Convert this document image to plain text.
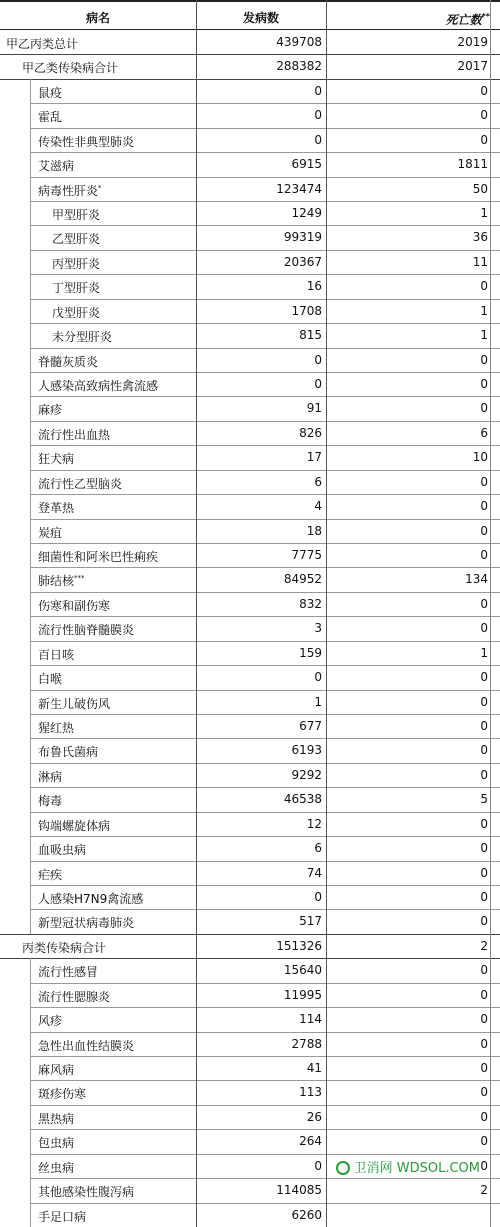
病名	发病数	死亡数**
甲乙丙类总计	439708	2019
甲乙类传染病合计	288382	2017
鼠疫	0	0
霍乱	0	0
传染性非典型肺炎	0	0
艾滋病	6915	1811
病毒性肝炎*	123474	50
甲型肝炎	1249	1
乙型肝炎	99319	36
丙型肝炎	20367	11
丁型肝炎	16	0
戊型肝炎	1708	1
未分型肝炎	815	1
脊髓灰质炎	0	0
人感染高致病性禽流感	0	0
麻疹	91	0
流行性出血热	826	6
狂犬病	17	10
流行性乙型脑炎	6	0
登革热	4	0
炭疽	18	0
细菌性和阿米巴性痢疾	7775	0
肺结核***	84952	134
伤寒和副伤寒	832	0
流行性脑脊髓膜炎	3	0
百日咳	159	1
白喉	0	0
新生儿破伤风	1	0
猩红热	677	0
布鲁氏菌病	6193	0
淋病	9292	0
梅毒	46538	5
钩端螺旋体病	12	0
血吸虫病	6	0
疟疾	74	0
人感染H7N9禽流感	0	0
新型冠状病毒肺炎	517	0
丙类传染病合计	151326	2
流行性感冒	15640	0
流行性腮腺炎	11995	0
风疹	114	0
急性出血性结膜炎	2788	0
麻风病	41	0
斑疹伤寒	113	0
黑热病	26	0
包虫病	264	0
丝虫病	0	0
其他感染性腹泻病	114085	2
手足口病	6260
卫消网 WDSOL.COM
